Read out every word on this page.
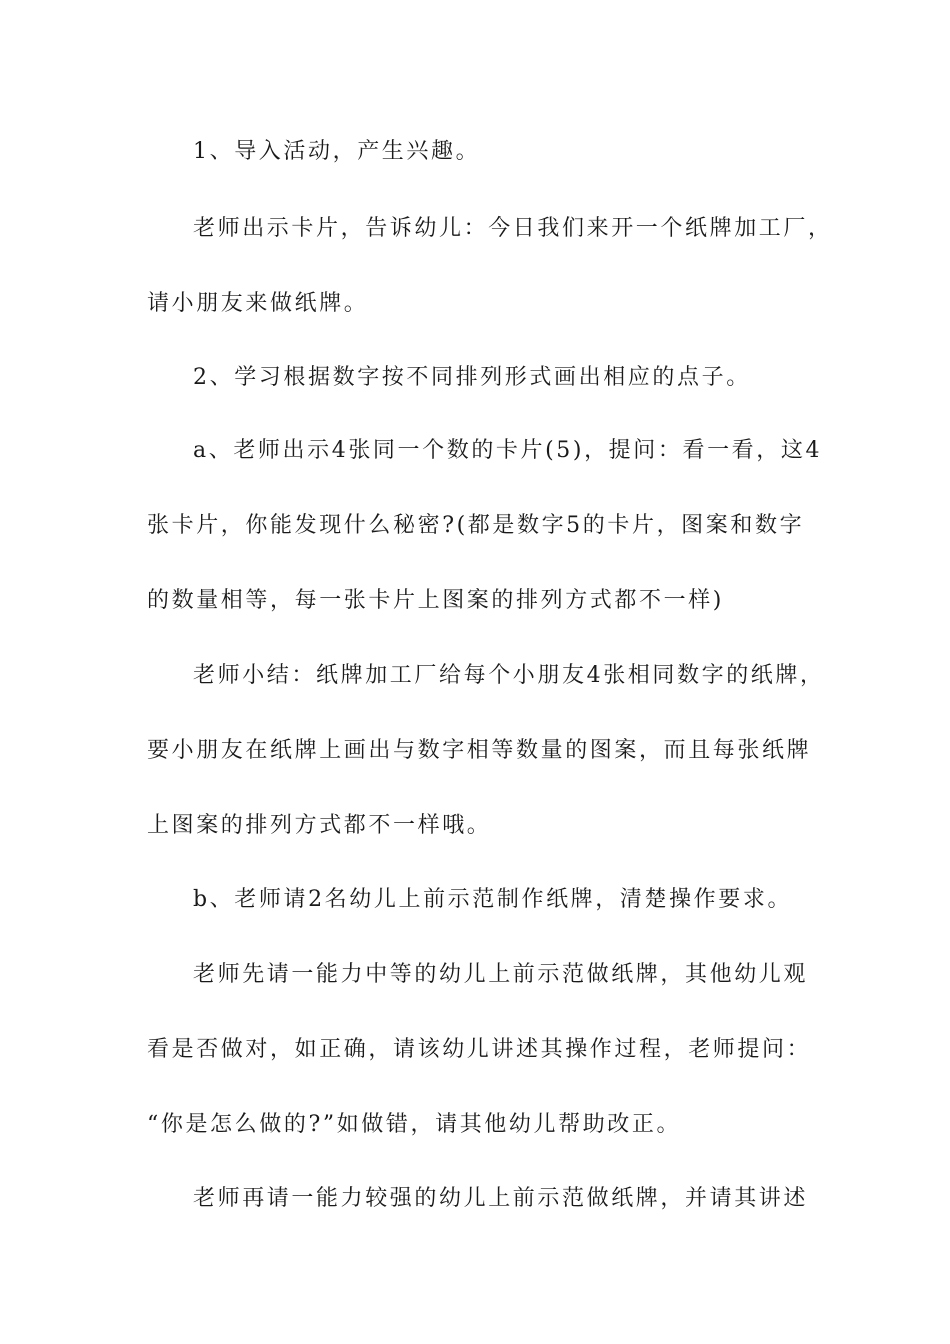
1、导入活动，产生兴趣。
老师出示卡片，告诉幼儿：今日我们来开一个纸牌加工厂，
请小朋友来做纸牌。
2、学习根据数字按不同排列形式画出相应的点子。
a、老师出示4张同一个数的卡片(5)，提问：看一看，这4
张卡片，你能发现什么秘密?(都是数字5的卡片，图案和数字
的数量相等，每一张卡片上图案的排列方式都不一样)
老师小结：纸牌加工厂给每个小朋友4张相同数字的纸牌，
要小朋友在纸牌上画出与数字相等数量的图案，而且每张纸牌
上图案的排列方式都不一样哦。
b、老师请2名幼儿上前示范制作纸牌，清楚操作要求。
老师先请一能力中等的幼儿上前示范做纸牌，其他幼儿观
看是否做对，如正确，请该幼儿讲述其操作过程，老师提问：
“你是怎么做的?”如做错，请其他幼儿帮助改正。
老师再请一能力较强的幼儿上前示范做纸牌，并请其讲述
